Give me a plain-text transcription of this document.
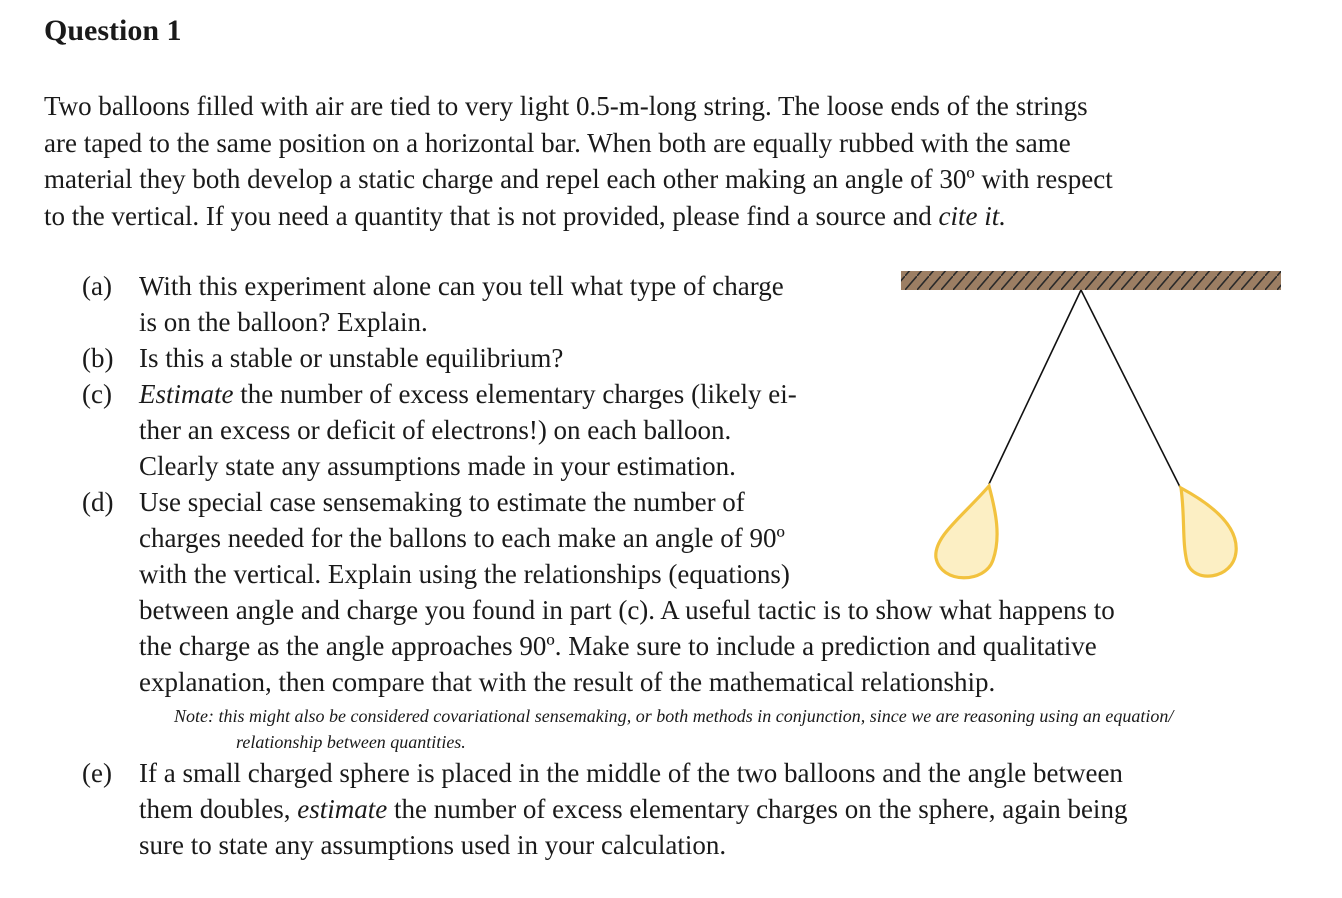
Question 1
Two balloons filled with air are tied to very light 0.5-m-long string. The loose ends of the strings
are taped to the same position on a horizontal bar. When both are equally rubbed with the same
material they both develop a static charge and repel each other making an angle of 30º with respect
to the vertical. If you need a quantity that is not provided, please find a source and cite it.
(a) With this experiment alone can you tell what type of charge
is on the balloon? Explain.
(b) Is this a stable or unstable equilibrium?
(c) Estimate the number of excess elementary charges (likely ei-
ther an excess or deficit of electrons!) on each balloon.
Clearly state any assumptions made in your estimation.
(d) Use special case sensemaking to estimate the number of
charges needed for the ballons to each make an angle of 90º
with the vertical. Explain using the relationships (equations)
between angle and charge you found in part (c). A useful tactic is to show what happens to
the charge as the angle approaches 90º. Make sure to include a prediction and qualitative
explanation, then compare that with the result of the mathematical relationship.
Note: this might also be considered covariational sensemaking, or both methods in conjunction, since we are reasoning using an equation/
relationship between quantities.
(e) If a small charged sphere is placed in the middle of the two balloons and the angle between
them doubles, estimate the number of excess elementary charges on the sphere, again being
sure to state any assumptions used in your calculation.
